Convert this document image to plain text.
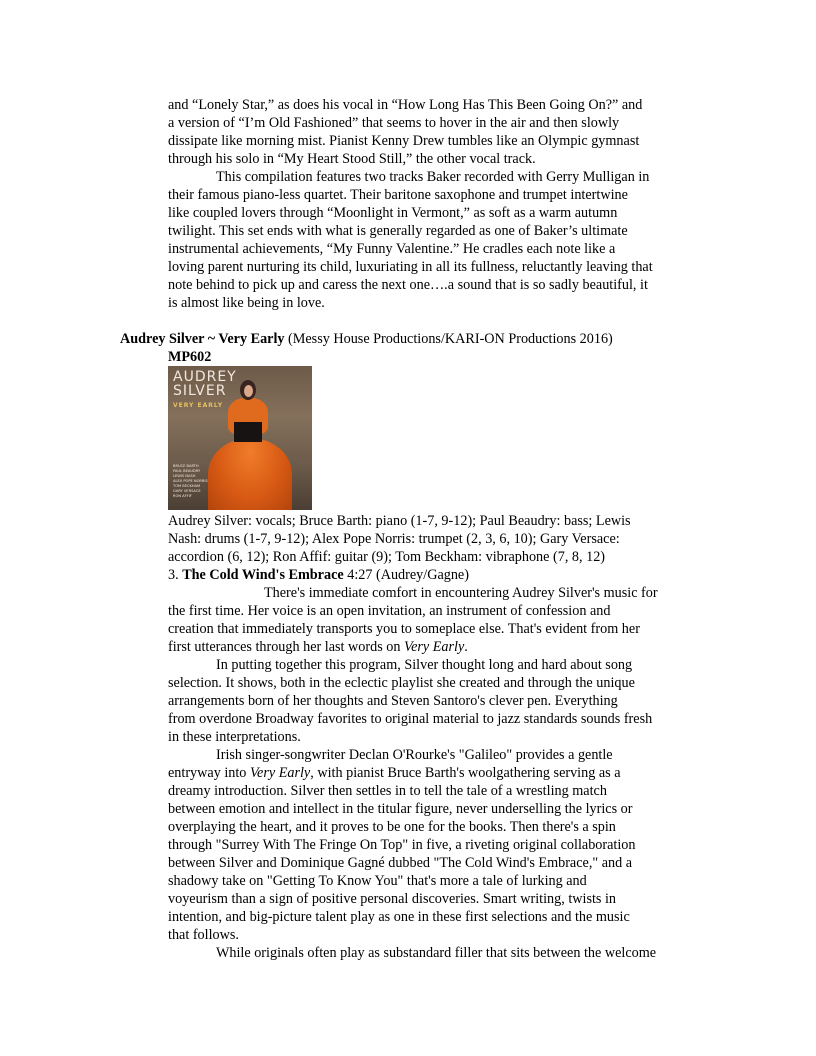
and “Lonely Star,” as does his vocal in “How Long Has This Been Going On?” and
a version of “I’m Old Fashioned” that seems to hover in the air and then slowly
dissipate like morning mist. Pianist Kenny Drew tumbles like an Olympic gymnast
through his solo in “My Heart Stood Still,” the other vocal track.
This compilation features two tracks Baker recorded with Gerry Mulligan in
their famous piano-less quartet. Their baritone saxophone and trumpet intertwine
like coupled lovers through “Moonlight in Vermont,” as soft as a warm autumn
twilight. This set ends with what is generally regarded as one of Baker’s ultimate
instrumental achievements, “My Funny Valentine.” He cradles each note like a
loving parent nurturing its child, luxuriating in all its fullness, reluctantly leaving that
note behind to pick up and caress the next one….a sound that is so sadly beautiful, it
is almost like being in love.
Audrey Silver ~ Very Early (Messy House Productions/KARI-ON Productions 2016)
MP602
AUDREY
SILVER
VERY EARLY
BRUCE BARTH
PAUL BEAUDRY
LEWIS NASH
ALEX POPE NORRIS
TOM BECKHAM
GARY VERSACE
RON AFFIF
Audrey Silver: vocals; Bruce Barth: piano (1-7, 9-12); Paul Beaudry: bass; Lewis
Nash: drums (1-7, 9-12); Alex Pope Norris: trumpet (2, 3, 6, 10); Gary Versace:
accordion (6, 12); Ron Affif: guitar (9); Tom Beckham: vibraphone (7, 8, 12)
3. The Cold Wind's Embrace 4:27 (Audrey/Gagne)
There's immediate comfort in encountering Audrey Silver's music for
the first time. Her voice is an open invitation, an instrument of confession and
creation that immediately transports you to someplace else. That's evident from her
first utterances through her last words on Very Early.
In putting together this program, Silver thought long and hard about song
selection. It shows, both in the eclectic playlist she created and through the unique
arrangements born of her thoughts and Steven Santoro's clever pen. Everything
from overdone Broadway favorites to original material to jazz standards sounds fresh
in these interpretations.
Irish singer-songwriter Declan O'Rourke's "Galileo" provides a gentle
entryway into Very Early, with pianist Bruce Barth's woolgathering serving as a
dreamy introduction. Silver then settles in to tell the tale of a wrestling match
between emotion and intellect in the titular figure, never underselling the lyrics or
overplaying the heart, and it proves to be one for the books. Then there's a spin
through "Surrey With The Fringe On Top" in five, a riveting original collaboration
between Silver and Dominique Gagné dubbed "The Cold Wind's Embrace," and a
shadowy take on "Getting To Know You" that's more a tale of lurking and
voyeurism than a sign of positive personal discoveries. Smart writing, twists in
intention, and big-picture talent play as one in these first selections and the music
that follows.
While originals often play as substandard filler that sits between the welcome
